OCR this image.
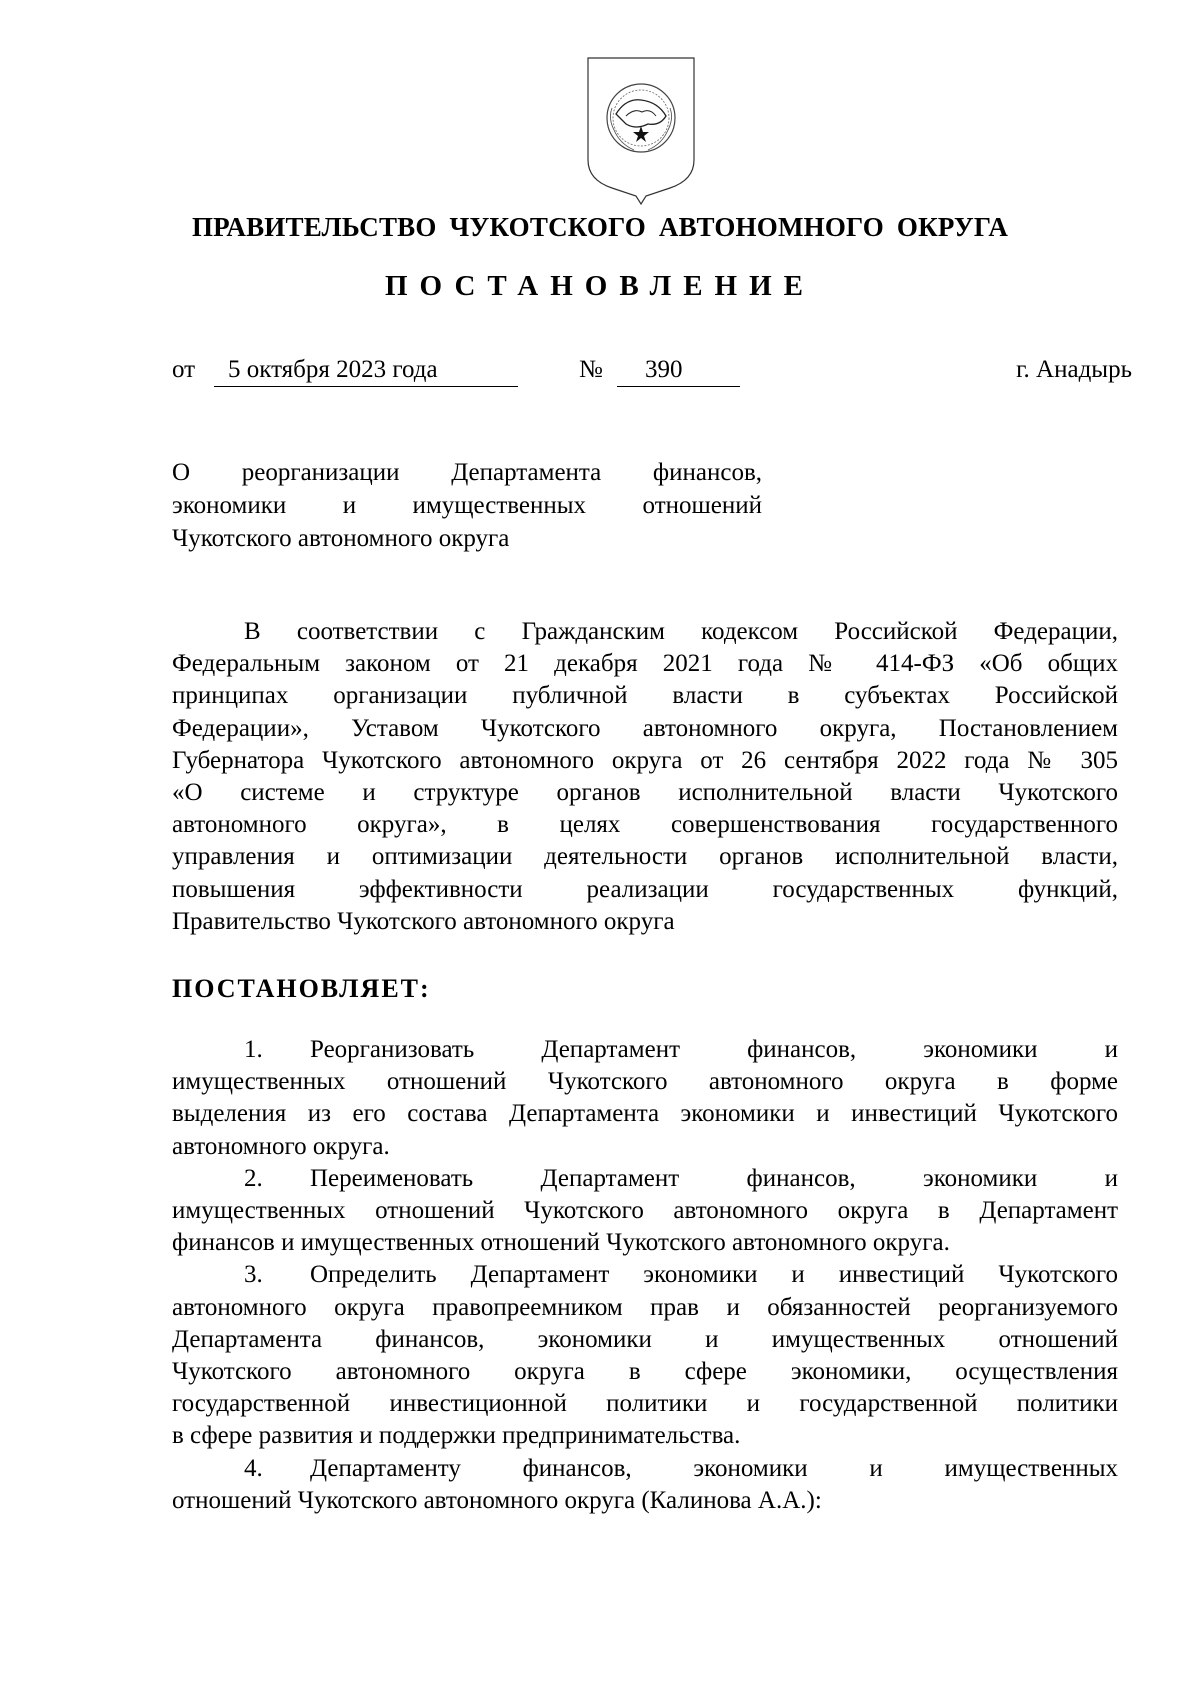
ПРАВИТЕЛЬСТВО ЧУКОТСКОГО АВТОНОМНОГО ОКРУГА
ПОСТАНОВЛЕНИЕ
от 5 октября 2023 года	№ 390	г. Анадырь
О реорганизации Департамента финансов,
экономики и имущественных отношений
Чукотского автономного округа
В соответствии с Гражданским кодексом Российской Федерации,
Федеральным законом от 21 декабря 2021 года № 414-ФЗ «Об общих
принципах организации публичной власти в субъектах Российской
Федерации», Уставом Чукотского автономного округа, Постановлением
Губернатора Чукотского автономного округа от 26 сентября 2022 года № 305
«О системе и структуре органов исполнительной власти Чукотского
автономного округа», в целях совершенствования государственного
управления и оптимизации деятельности органов исполнительной власти,
повышения эффективности реализации государственных функций,
Правительство Чукотского автономного округа
ПОСТАНОВЛЯЕТ:
1. Реорганизовать Департамент финансов, экономики и
имущественных отношений Чукотского автономного округа в форме
выделения из его состава Департамента экономики и инвестиций Чукотского
автономного округа.
2. Переименовать Департамент финансов, экономики и
имущественных отношений Чукотского автономного округа в Департамент
финансов и имущественных отношений Чукотского автономного округа.
3. Определить Департамент экономики и инвестиций Чукотского
автономного округа правопреемником прав и обязанностей реорганизуемого
Департамента финансов, экономики и имущественных отношений
Чукотского автономного округа в сфере экономики, осуществления
государственной инвестиционной политики и государственной политики
в сфере развития и поддержки предпринимательства.
4. Департаменту финансов, экономики и имущественных
отношений Чукотского автономного округа (Калинова А.А.):
